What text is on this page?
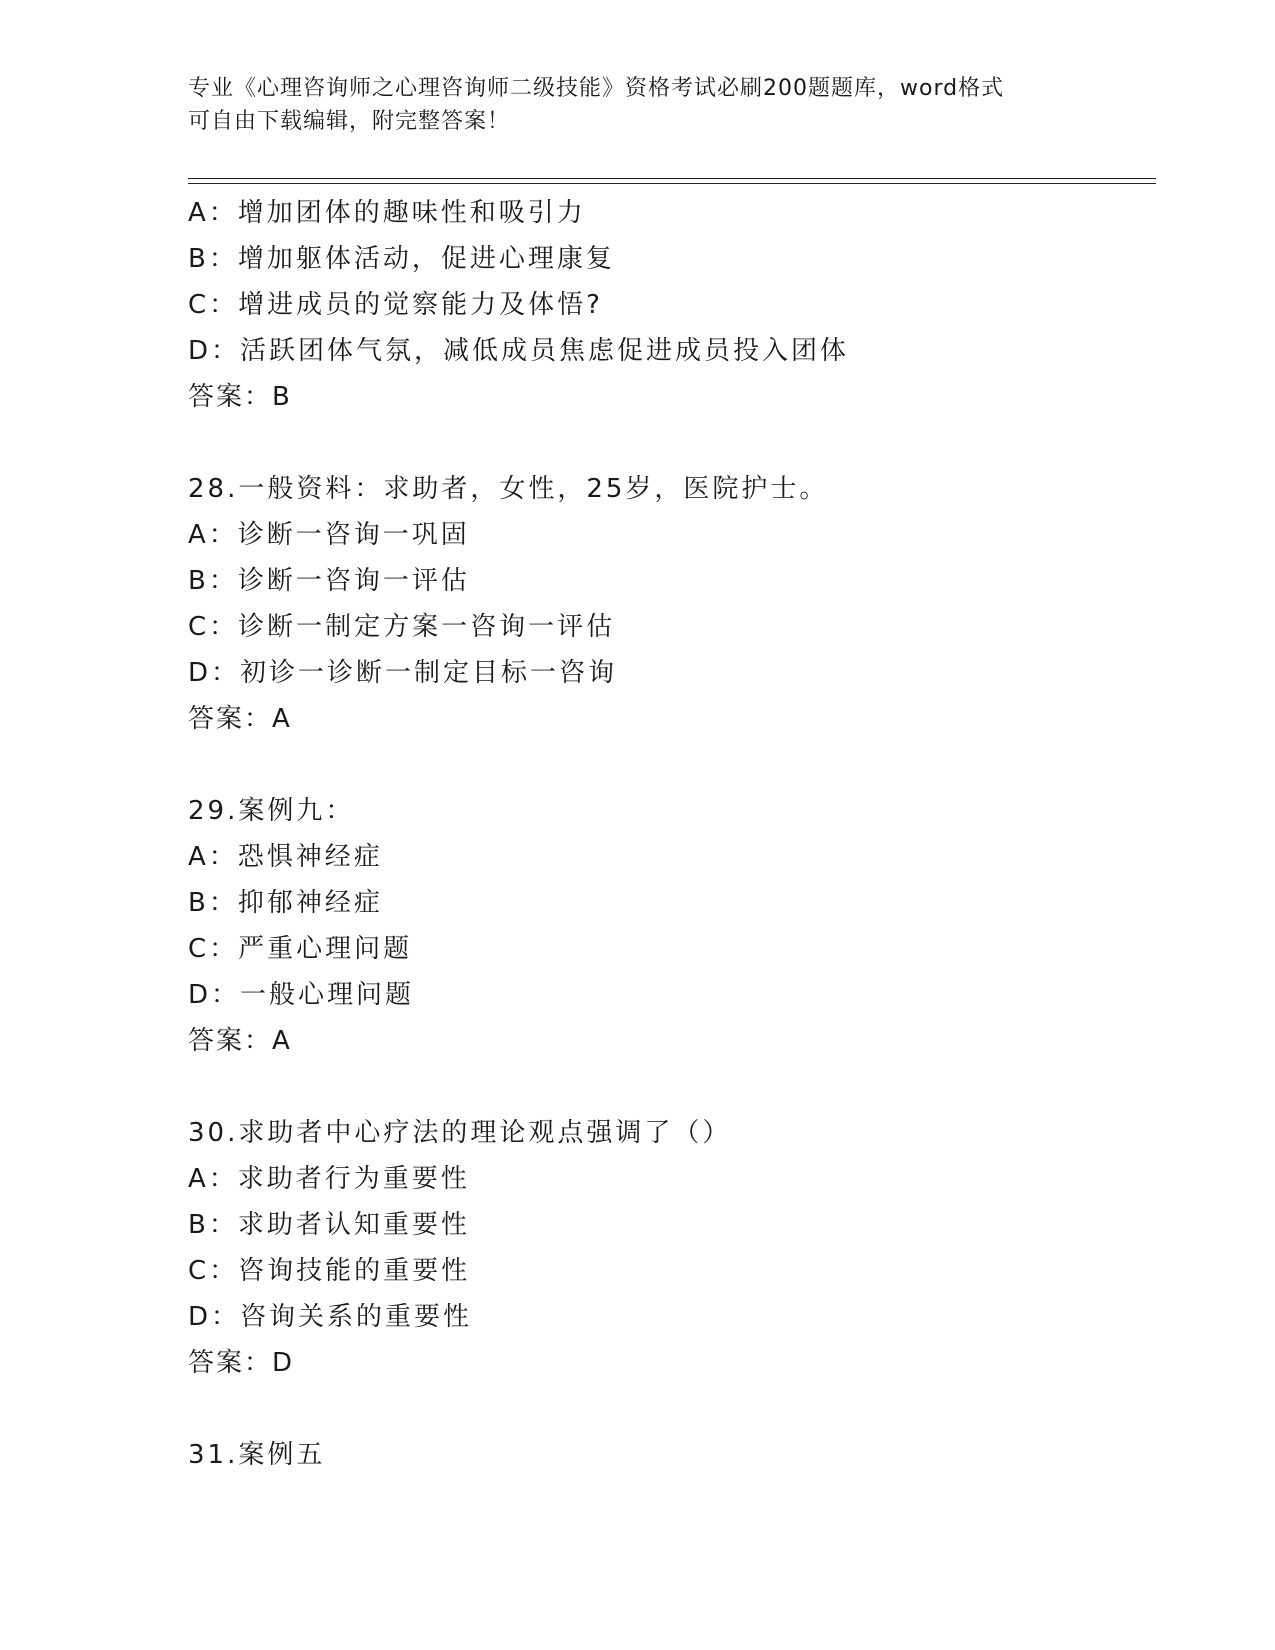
专业《心理咨询师之心理咨询师二级技能》资格考试必刷200题题库，word格式
可自由下载编辑，附完整答案！
A：增加团体的趣味性和吸引力
B：增加躯体活动，促进心理康复
C：增进成员的觉察能力及体悟?
D：活跃团体气氛，减低成员焦虑促进成员投入团体
答案：B
28.一般资料：求助者，女性，25岁，医院护士。
A：诊断一咨询一巩固
B：诊断一咨询一评估
C：诊断一制定方案一咨询一评估
D：初诊一诊断一制定目标一咨询
答案：A
29.案例九：
A：恐惧神经症
B：抑郁神经症
C：严重心理问题
D：一般心理问题
答案：A
30.求助者中心疗法的理论观点强调了（）
A：求助者行为重要性
B：求助者认知重要性
C：咨询技能的重要性
D：咨询关系的重要性
答案：D
31.案例五
